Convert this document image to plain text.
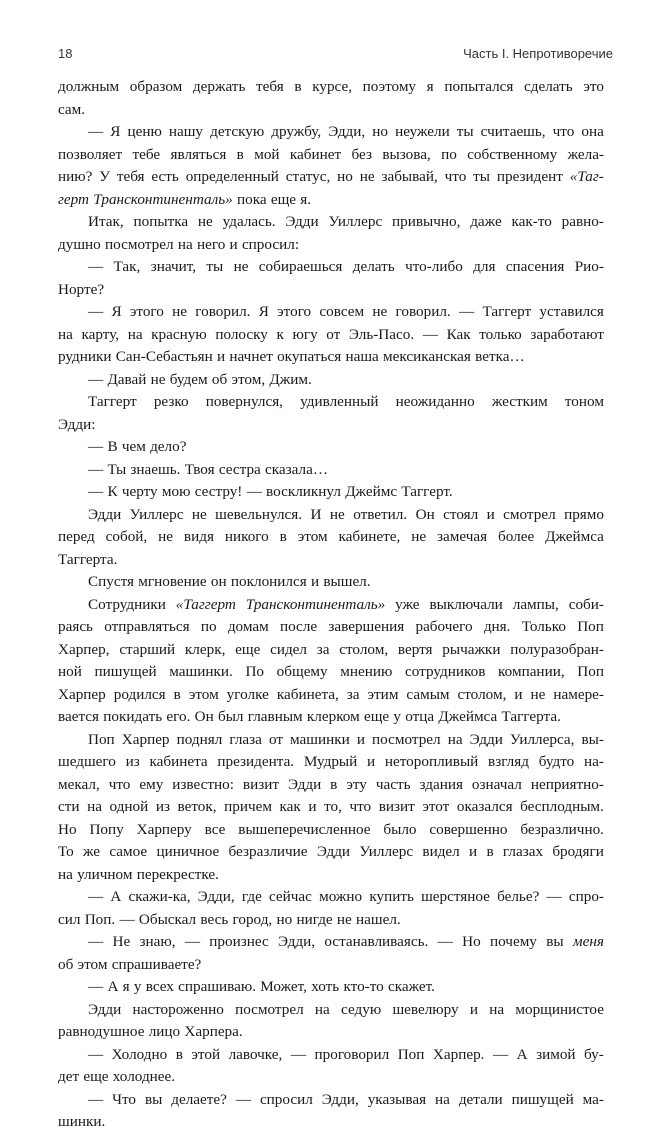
18	Часть I. Непротиворечие
должным образом держать тебя в курсе, поэтому я попытался сделать это
сам.
— Я ценю нашу детскую дружбу, Эдди, но неужели ты считаешь, что она
позволяет тебе являться в мой кабинет без вызова, по собственному жела-
нию? У тебя есть определенный статус, но не забывай, что ты президент «Таг-
герт Трансконтиненталь» пока еще я.
Итак, попытка не удалась. Эдди Уиллерс привычно, даже как-то равно-
душно посмотрел на него и спросил:
— Так, значит, ты не собираешься делать что-либо для спасения Рио-
Норте?
— Я этого не говорил. Я этого совсем не говорил. — Таггерт уставился
на карту, на красную полоску к югу от Эль-Пасо. — Как только заработают
рудники Сан-Себастьян и начнет окупаться наша мексиканская ветка…
— Давай не будем об этом, Джим.
Таггерт резко повернулся, удивленный неожиданно жестким тоном
Эдди:
— В чем дело?
— Ты знаешь. Твоя сестра сказала…
— К черту мою сестру! — воскликнул Джеймс Таггерт.
Эдди Уиллерс не шевельнулся. И не ответил. Он стоял и смотрел прямо
перед собой, не видя никого в этом кабинете, не замечая более Джеймса
Таггерта.
Спустя мгновение он поклонился и вышел.
Сотрудники «Таггерт Трансконтиненталь» уже выключали лампы, соби-
раясь отправляться по домам после завершения рабочего дня. Только Поп
Харпер, старший клерк, еще сидел за столом, вертя рычажки полуразобран-
ной пишущей машинки. По общему мнению сотрудников компании, Поп
Харпер родился в этом уголке кабинета, за этим самым столом, и не намере-
вается покидать его. Он был главным клерком еще у отца Джеймса Таггерта.
Поп Харпер поднял глаза от машинки и посмотрел на Эдди Уиллерса, вы-
шедшего из кабинета президента. Мудрый и неторопливый взгляд будто на-
мекал, что ему известно: визит Эдди в эту часть здания означал неприятно-
сти на одной из веток, причем как и то, что визит этот оказался бесплодным.
Но Попу Харперу все вышеперечисленное было совершенно безразлично.
То же самое циничное безразличие Эдди Уиллерс видел и в глазах бродяги
на уличном перекрестке.
— А скажи-ка, Эдди, где сейчас можно купить шерстяное белье? — спро-
сил Поп. — Обыскал весь город, но нигде не нашел.
— Не знаю, — произнес Эдди, останавливаясь. — Но почему вы меня
об этом спрашиваете?
— А я у всех спрашиваю. Может, хоть кто-то скажет.
Эдди настороженно посмотрел на седую шевелюру и на морщинистое
равнодушное лицо Харпера.
— Холодно в этой лавочке, — проговорил Поп Харпер. — А зимой бу-
дет еще холоднее.
— Что вы делаете? — спросил Эдди, указывая на детали пишущей ма-
шинки.
